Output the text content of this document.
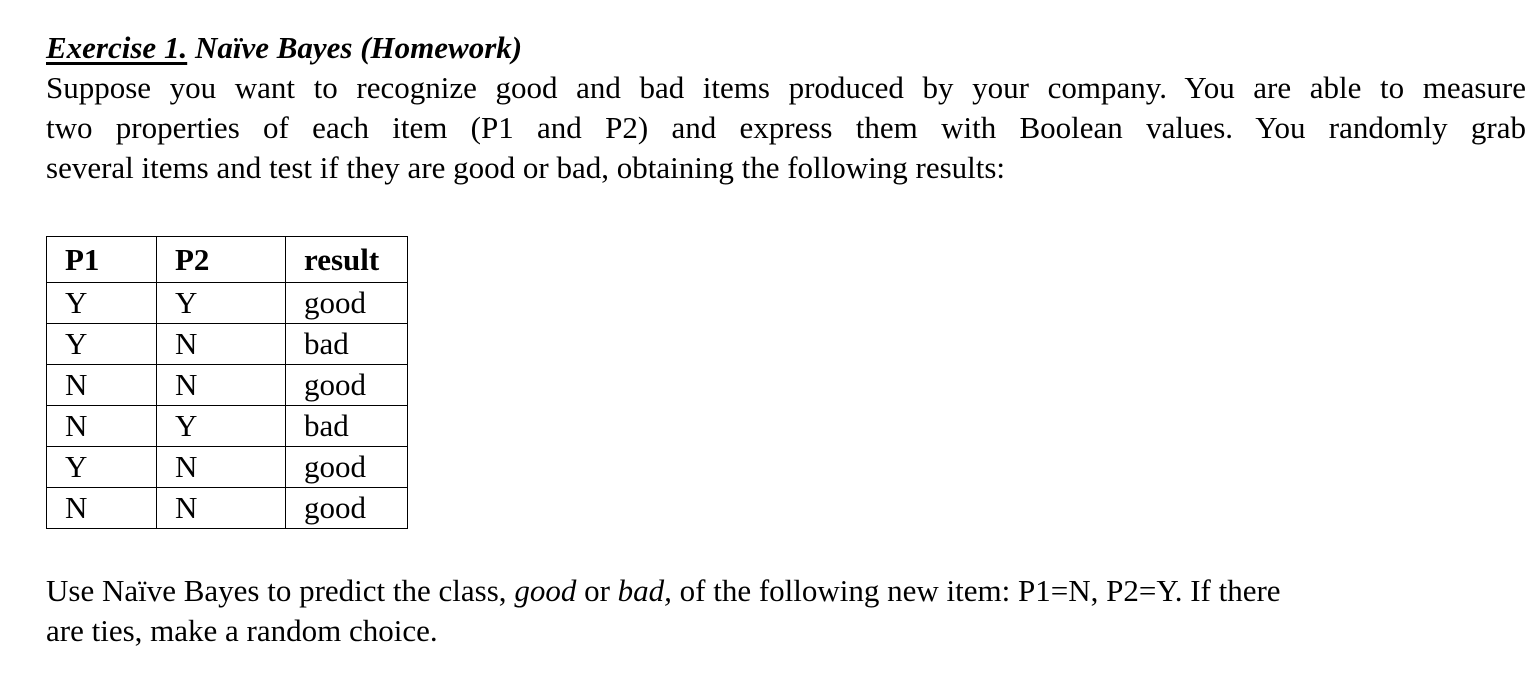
Exercise 1. Naïve Bayes (Homework)

Suppose you want to recognize good and bad items produced by your company. You are able to measure
two properties of each item (P1 and P2) and express them with Boolean values. You randomly grab
several items and test if they are good or bad, obtaining the following results:

P1	P2	result
Y	Y	good
Y	N	bad
N	N	good
N	Y	bad
Y	N	good
N	N	good

Use Naïve Bayes to predict the class, good or bad, of the following new item: P1=N, P2=Y. If there
are ties, make a random choice.
